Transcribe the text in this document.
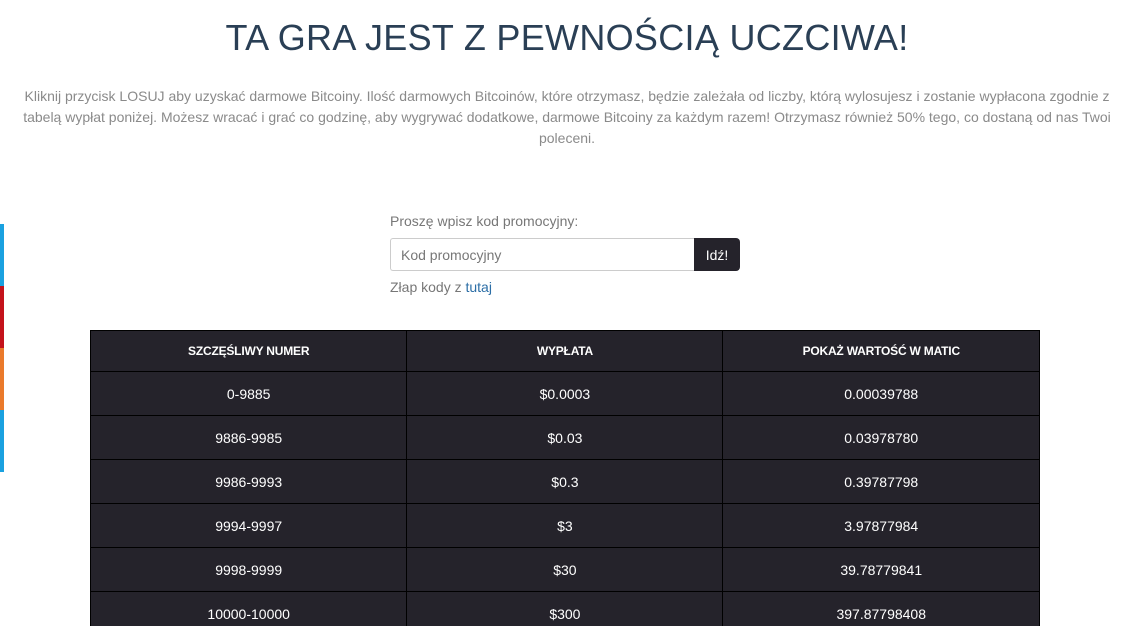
TA GRA JEST Z PEWNOŚCIĄ UCZCIWA!

Kliknij przycisk LOSUJ aby uzyskać darmowe Bitcoiny. Ilość darmowych Bitcoinów, które otrzymasz, będzie zależała od liczby, którą wylosujesz i zostanie wypłacona zgodnie z
tabelą wypłat poniżej. Możesz wracać i grać co godzinę, aby wygrywać dodatkowe, darmowe Bitcoiny za każdym razem! Otrzymasz również 50% tego, co dostaną od nas Twoi
poleceni.

Proszę wpisz kod promocyjny:
Kod promocyjny
Idź!
Złap kody z tutaj
SZCZĘŚLIWY NUMER	WYPŁATA	POKAŻ WARTOŚĆ W MATIC
0-9885	$0.0003	0.00039788
9886-9985	$0.03	0.03978780
9986-9993	$0.3	0.39787798
9994-9997	$3	3.97877984
9998-9999	$30	39.78779841
10000-10000	$300	397.87798408
